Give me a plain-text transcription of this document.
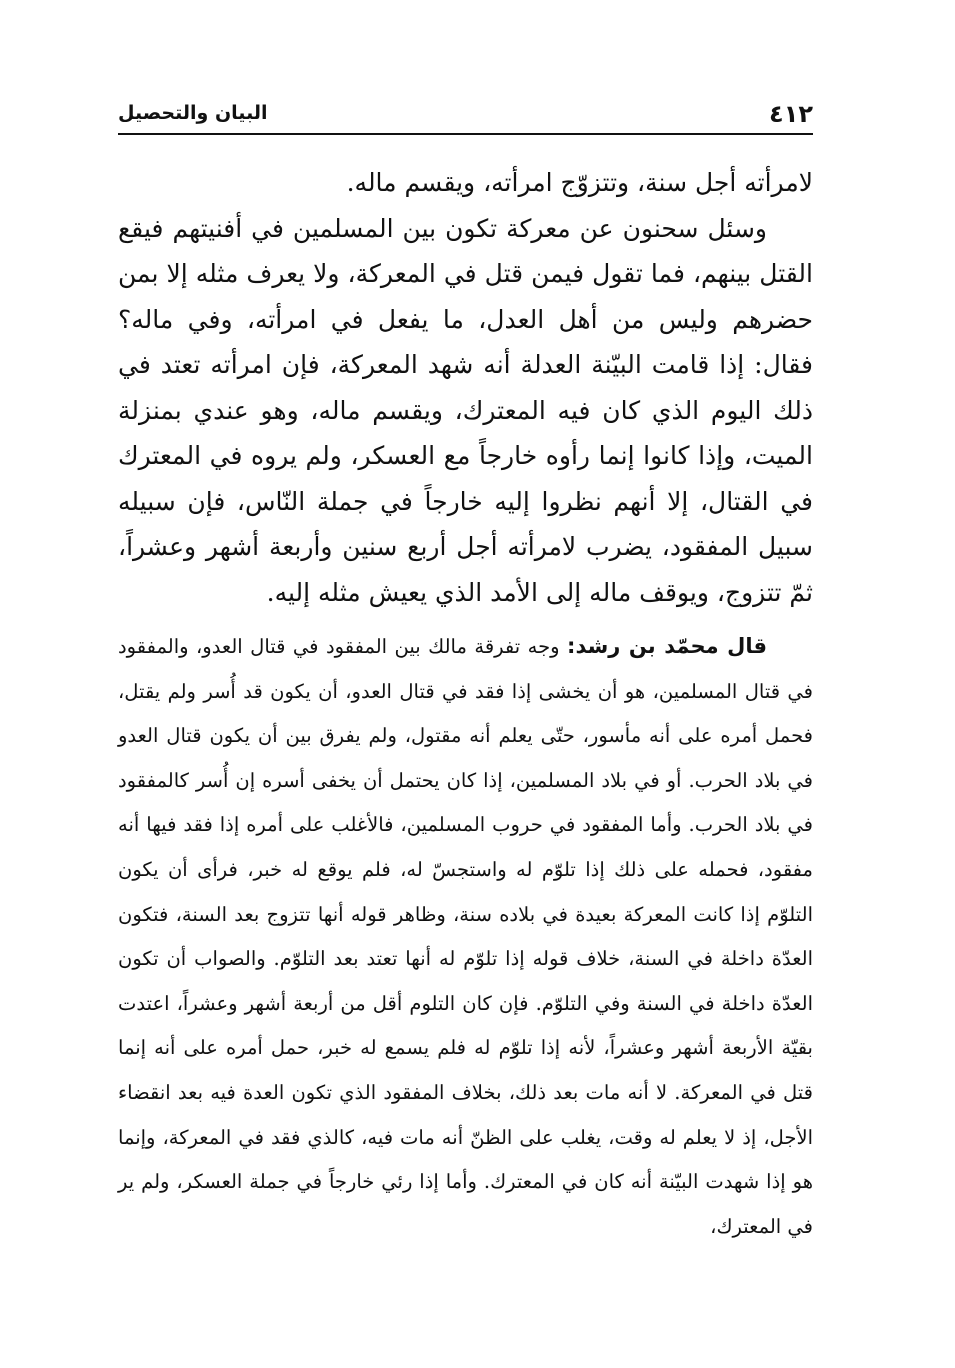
٤١٢
البيان والتحصيل

لامرأته أجل سنة، وتتزوّج امرأته، ويقسم ماله.

وسئل سحنون عن معركة تكون بين المسلمين في أفنيتهم فيقع القتل بينهم، فما تقول فيمن قتل في المعركة، ولا يعرف مثله إلا بمن حضرهم وليس من أهل العدل، ما يفعل في امرأته، وفي ماله؟ فقال: إذا قامت البيّنة العدلة أنه شهد المعركة، فإن امرأته تعتد في ذلك اليوم الذي كان فيه المعترك، ويقسم ماله، وهو عندي بمنزلة الميت، وإذا كانوا إنما رأوه خارجاً مع العسكر، ولم يروه في المعترك في القتال، إلا أنهم نظروا إليه خارجاً في جملة النّاس، فإن سبيله سبيل المفقود، يضرب لامرأته أجل أربع سنين وأربعة أشهر وعشراً، ثمّ تتزوج، ويوقف ماله إلى الأمد الذي يعيش مثله إليه.

قال محمّد بن رشد: وجه تفرقة مالك بين المفقود في قتال العدو، والمفقود في قتال المسلمين، هو أن يخشى إذا فقد في قتال العدو، أن يكون قد أُسر ولم يقتل، فحمل أمره على أنه مأسور، حتّى يعلم أنه مقتول، ولم يفرق بين أن يكون قتال العدو في بلاد الحرب. أو في بلاد المسلمين، إذا كان يحتمل أن يخفى أسره إن أُسر كالمفقود في بلاد الحرب. وأما المفقود في حروب المسلمين، فالأغلب على أمره إذا فقد فيها أنه مفقود، فحمله على ذلك إذا تلوّم له واستجسّ له، فلم يوقع له خبر، فرأى أن يكون التلوّم إذا كانت المعركة بعيدة في بلاده سنة، وظاهر قوله أنها تتزوج بعد السنة، فتكون العدّة داخلة في السنة، خلاف قوله إذا تلوّم له أنها تعتد بعد التلوّم. والصواب أن تكون العدّة داخلة في السنة وفي التلوّم. فإن كان التلوم أقل من أربعة أشهر وعشراً، اعتدت بقيّة الأربعة أشهر وعشراً، لأنه إذا تلوّم له فلم يسمع له خبر، حمل أمره على أنه إنما قتل في المعركة. لا أنه مات بعد ذلك، بخلاف المفقود الذي تكون العدة فيه بعد انقضاء الأجل، إذ لا يعلم له وقت، يغلب على الظنّ أنه مات فيه، كالذي فقد في المعركة، وإنما هو إذا شهدت البيّنة أنه كان في المعترك. وأما إذا رئي خارجاً في جملة العسكر، ولم ير في المعترك،
